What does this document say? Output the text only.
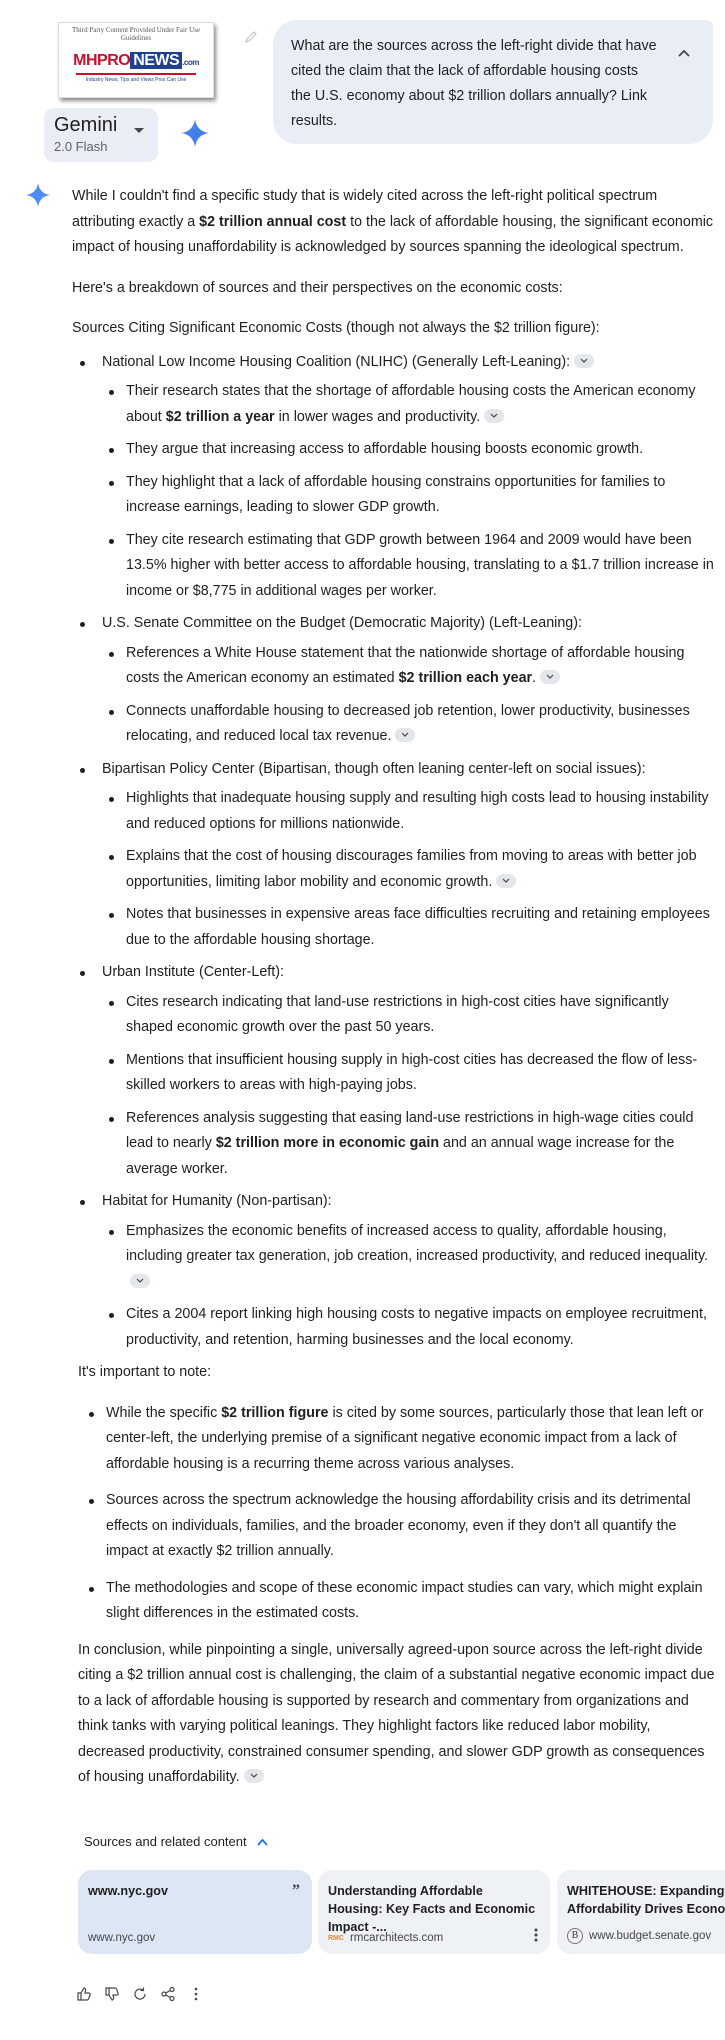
Third Party Content Provided Under Fair Use Guidelines
MHPRO NEWS .com
Industry News, Tips and Views Pros Can Use
Gemini
2.0 Flash
What are the sources across the left-right divide that have cited the claim that the lack of affordable housing costs the U.S. economy about $2 trillion dollars annually? Link results.

While I couldn't find a specific study that is widely cited across the left-right political spectrum attributing exactly a $2 trillion annual cost to the lack of affordable housing, the significant economic impact of housing unaffordability is acknowledged by sources spanning the ideological spectrum.

Here's a breakdown of sources and their perspectives on the economic costs:

Sources Citing Significant Economic Costs (though not always the $2 trillion figure):

National Low Income Housing Coalition (NLIHC) (Generally Left-Leaning):
Their research states that the shortage of affordable housing costs the American economy about $2 trillion a year in lower wages and productivity.
They argue that increasing access to affordable housing boosts economic growth.
They highlight that a lack of affordable housing constrains opportunities for families to increase earnings, leading to slower GDP growth.
They cite research estimating that GDP growth between 1964 and 2009 would have been 13.5% higher with better access to affordable housing, translating to a $1.7 trillion increase in income or $8,775 in additional wages per worker.
U.S. Senate Committee on the Budget (Democratic Majority) (Left-Leaning):
References a White House statement that the nationwide shortage of affordable housing costs the American economy an estimated $2 trillion each year.
Connects unaffordable housing to decreased job retention, lower productivity, businesses relocating, and reduced local tax revenue.
Bipartisan Policy Center (Bipartisan, though often leaning center-left on social issues):
Highlights that inadequate housing supply and resulting high costs lead to housing instability and reduced options for millions nationwide.
Explains that the cost of housing discourages families from moving to areas with better job opportunities, limiting labor mobility and economic growth.
Notes that businesses in expensive areas face difficulties recruiting and retaining employees due to the affordable housing shortage.
Urban Institute (Center-Left):
Cites research indicating that land-use restrictions in high-cost cities have significantly shaped economic growth over the past 50 years.
Mentions that insufficient housing supply in high-cost cities has decreased the flow of less-skilled workers to areas with high-paying jobs.
References analysis suggesting that easing land-use restrictions in high-wage cities could lead to nearly $2 trillion more in economic gain and an annual wage increase for the average worker.
Habitat for Humanity (Non-partisan):
Emphasizes the economic benefits of increased access to quality, affordable housing, including greater tax generation, job creation, increased productivity, and reduced inequality.
Cites a 2004 report linking high housing costs to negative impacts on employee recruitment, productivity, and retention, harming businesses and the local economy.

It's important to note:

While the specific $2 trillion figure is cited by some sources, particularly those that lean left or center-left, the underlying premise of a significant negative economic impact from a lack of affordable housing is a recurring theme across various analyses.
Sources across the spectrum acknowledge the housing affordability crisis and its detrimental effects on individuals, families, and the broader economy, even if they don't all quantify the impact at exactly $2 trillion annually.
The methodologies and scope of these economic impact studies can vary, which might explain slight differences in the estimated costs.

In conclusion, while pinpointing a single, universally agreed-upon source across the left-right divide citing a $2 trillion annual cost is challenging, the claim of a substantial negative economic impact due to a lack of affordable housing is supported by research and commentary from organizations and think tanks with varying political leanings. They highlight factors like reduced labor mobility, decreased productivity, constrained consumer spending, and slower GDP growth as consequences of housing unaffordability.

Sources and related content
www.nyc.gov	”
www.nyc.gov
Understanding Affordable Housing: Key Facts and Economic Impact -...
RMC rmcarchitects.com
WHITEHOUSE: Expanding Affordability Drives Econo
B www.budget.senate.gov
